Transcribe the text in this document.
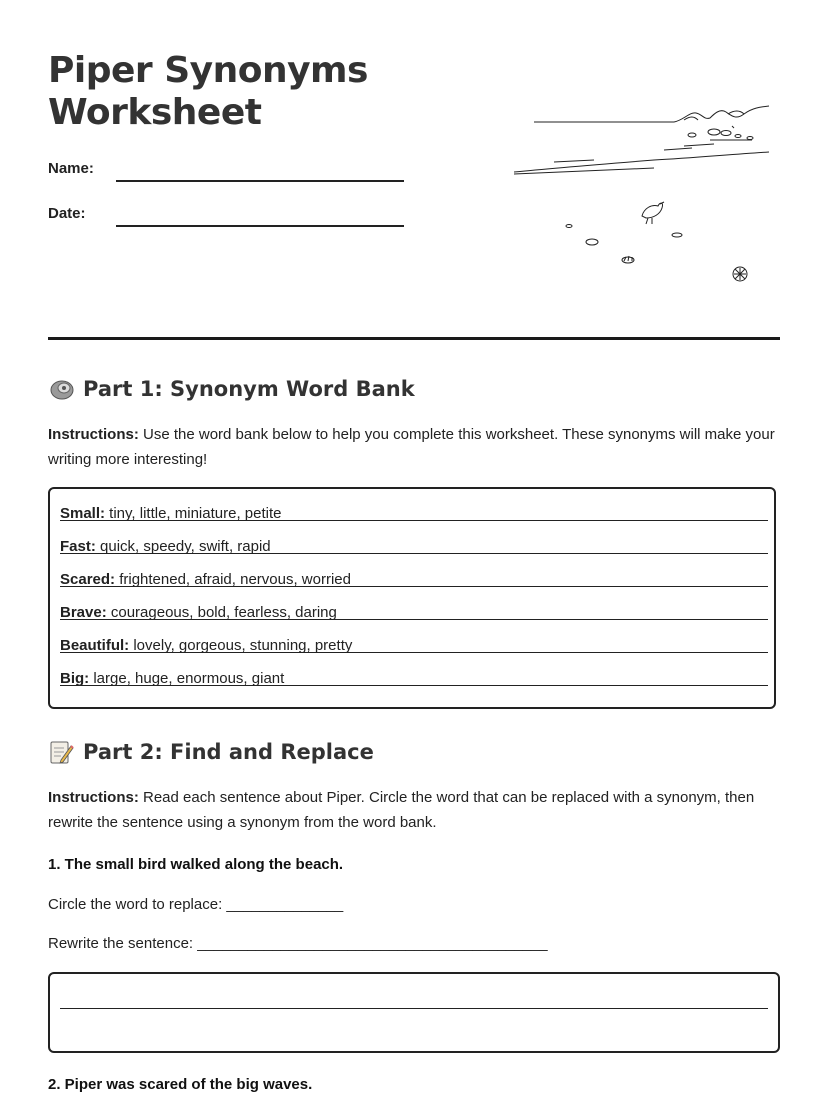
Piper Synonyms Worksheet
Name:
Date:
Part 1: Synonym Word Bank

Instructions: Use the word bank below to help you complete this worksheet. These synonyms will make your writing more interesting!

Small: tiny, little, miniature, petite
Fast: quick, speedy, swift, rapid
Scared: frightened, afraid, nervous, worried
Brave: courageous, bold, fearless, daring
Beautiful: lovely, gorgeous, stunning, pretty
Big: large, huge, enormous, giant
Part 2: Find and Replace

Instructions: Read each sentence about Piper. Circle the word that can be replaced with a synonym, then rewrite the sentence using a synonym from the word bank.

1. The small bird walked along the beach.
Circle the word to replace: ______________
Rewrite the sentence: __________________________________________
2. Piper was scared of the big waves.
